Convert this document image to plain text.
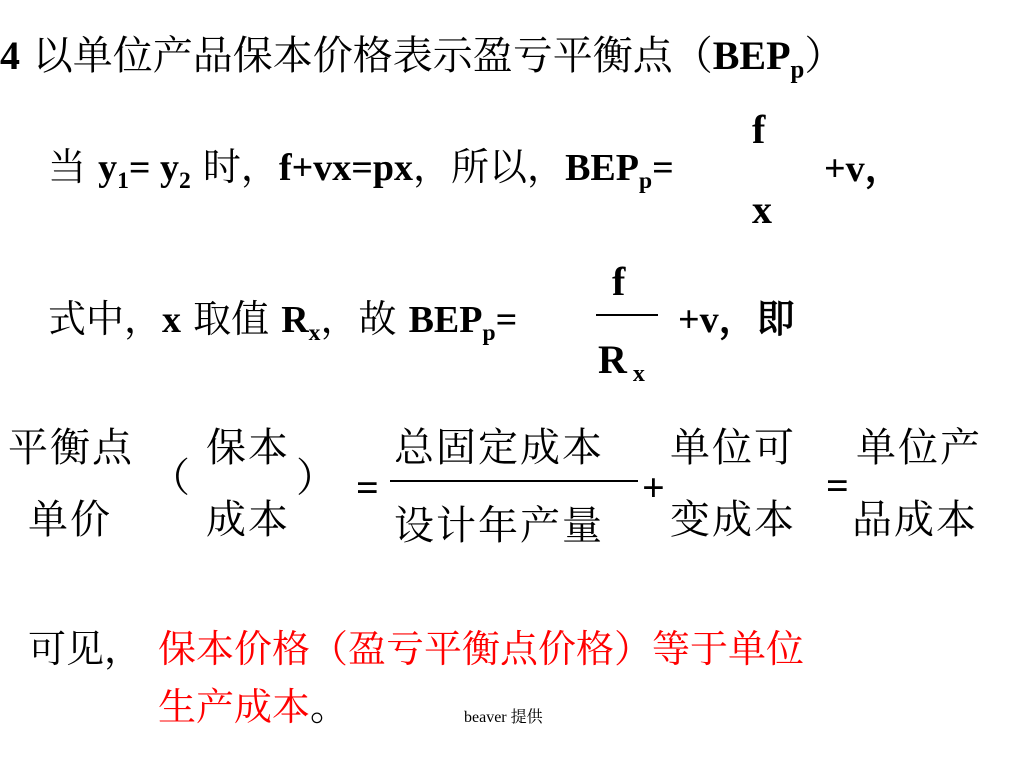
4 以单位产品保本价格表示盈亏平衡点$(BEP_p)$
当 $y_1= y_2$ 时，f+vx=px，所以，$BEP_p=$
f
x
+v，
式中，x 取值 $R_x$，故 $BEP_p=$
f
R $_x$
+v，即
平衡点
单价
（
保本
成本
） =
总固定成本
设计年产量
+
单位可
变成本
=
单位产
品成本
可见， 保本价格（盈亏平衡点价格）等于单位
生产成本。	beaver 提供
